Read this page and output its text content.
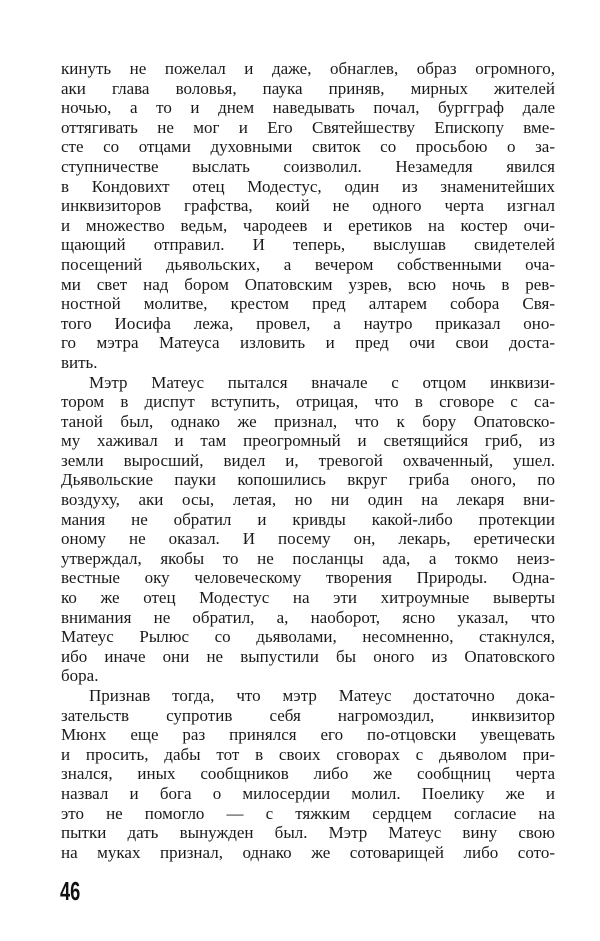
кинуть не пожелал и даже, обнаглев, образ огромного,
аки глава воловья, паука приняв, мирных жителей
ночью, а то и днем наведывать почал, бургграф дале
оттягивать не мог и Его Святейшеству Епископу вме-
сте со отцами духовными свиток со просьбою о за-
ступничестве выслать соизволил. Незамедля явился
в Кондовихт отец Модестус, один из знаменитейших
инквизиторов графства, коий не одного черта изгнал
и множество ведьм, чародеев и еретиков на костер очи-
щающий отправил. И теперь, выслушав свидетелей
посещений дьявольских, а вечером собственными оча-
ми свет над бором Опатовским узрев, всю ночь в рев-
ностной молитве, крестом пред алтарем собора Свя-
того Иосифа лежа, провел, а наутро приказал оно-
го мэтра Матеуса изловить и пред очи свои доста-
вить.
Мэтр Матеус пытался вначале с отцом инквизи-
тором в диспут вступить, отрицая, что в сговоре с са-
таной был, однако же признал, что к бору Опатовско-
му хаживал и там преогромный и светящийся гриб, из
земли выросший, видел и, тревогой охваченный, ушел.
Дьявольские пауки копошились вкруг гриба оного, по
воздуху, аки осы, летая, но ни один на лекаря вни-
мания не обратил и кривды какой-либо протекции
оному не оказал. И посему он, лекарь, еретически
утверждал, якобы то не посланцы ада, а токмо неиз-
вестные оку человеческому творения Природы. Одна-
ко же отец Модестус на эти хитроумные выверты
внимания не обратил, а, наоборот, ясно указал, что
Матеус Рылюс со дьяволами, несомненно, стакнулся,
ибо иначе они не выпустили бы оного из Опатовского
бора.
Признав тогда, что мэтр Матеус достаточно дока-
зательств супротив себя нагромоздил, инквизитор
Мюнх еще раз принялся его по-отцовски увещевать
и просить, дабы тот в своих сговорах с дьяволом при-
знался, иных сообщников либо же сообщниц черта
назвал и бога о милосердии молил. Поелику же и
это не помогло — с тяжким сердцем согласие на
пытки дать вынужден был. Мэтр Матеус вину свою
на муках признал, однако же сотоварищей либо сото-
46
